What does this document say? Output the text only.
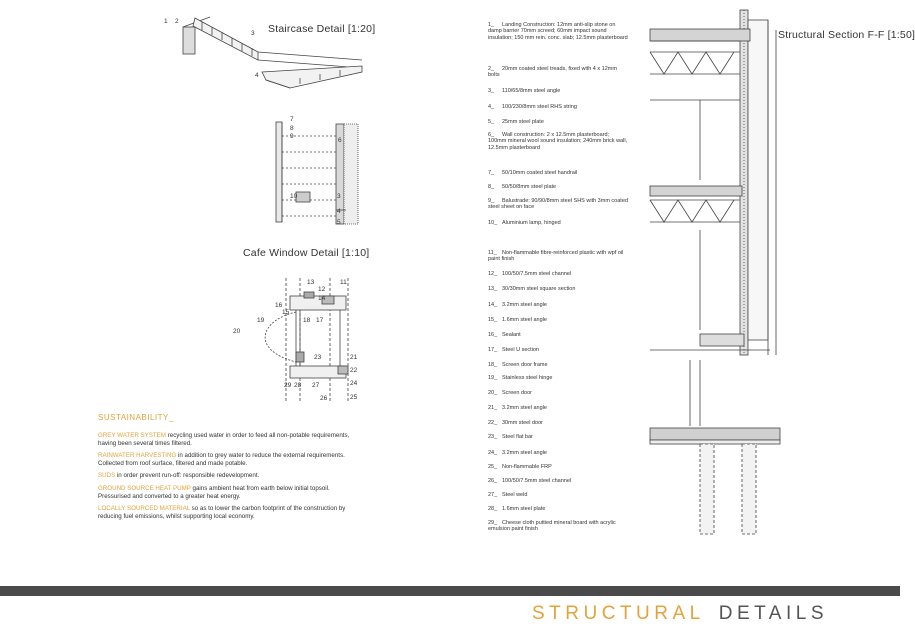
Staircase Detail [1:20]
Cafe Window Detail [1:10]
Structural Section F-F [1:50]
1 2
3
4
7
8
9
6
10	3
4
5
13
12
11
14
16
15
19	18 17
20
23	21
22
29 28 27	24
26	25
SUSTAINABILITY_
GREY WATER SYSTEM recycling used water in order to feed all non-potable requirements, having been several times filtered.
RAINWATER HARVESTING in addition to grey water to reduce the external requirements. Collected from roof surface, filtered and made potable.
SUDS in order prevent run-off: responsible redevelopment.
GROUND SOURCE HEAT PUMP gains ambient heat from earth below initial topsoil. Pressurised and converted to a greater heat energy.
LOCALLY SOURCED MATERIAL so as to lower the carbon footprint of the construction by reducing fuel emissions, whilst supporting local economy.
1_ Landing Construction: 12mm anti-slip stone on damp barrier 70mm screed; 60mm impact sound insulation; 150 mm rein. conc. slab; 12.5mm plasterboard
2_ 20mm coated steel treads, fixed with 4 x 12mm bolts
3_ 110/65/8mm steel angle
4_ 100/230/8mm steel RHS string
5_ 25mm steel plate
6_ Wall construction: 2 x 12.5mm plasterboard; 100mm mineral wool sound insulation; 240mm brick wall, 12.5mm plasterboard
7_ 50/10mm coated steel handrail
8_ 50/50/8mm steel plate
9_ Balustrade: 90/90/8mm steel SHS with 3mm coated steel sheet on face
10_ Aluminium lamp, hinged
11_ Non-flammable fibre-reinforced plastic with wpf oil paint finish
12_ 100/50/7.5mm steel channel
13_ 30/30mm steel square section
14_ 3.2mm steel angle
15_ 1.6mm steel angle
16_ Sealant
17_ Steel U section
18_ Screen door frame
19_ Stainless steel hinge
20_ Screen door
21_ 3.2mm steel angle
22_ 30mm steel door
23_ Steel flat bar
24_ 3.2mm steel angle
25_ Non-flammable FRP
26_ 100/50/7.5mm steel channel
27_ Steel weld
28_ 1.6mm steel plate
29_ Cheese cloth puttied mineral board with acrylic emulsion paint finish
STRUCTURAL DETAILS
